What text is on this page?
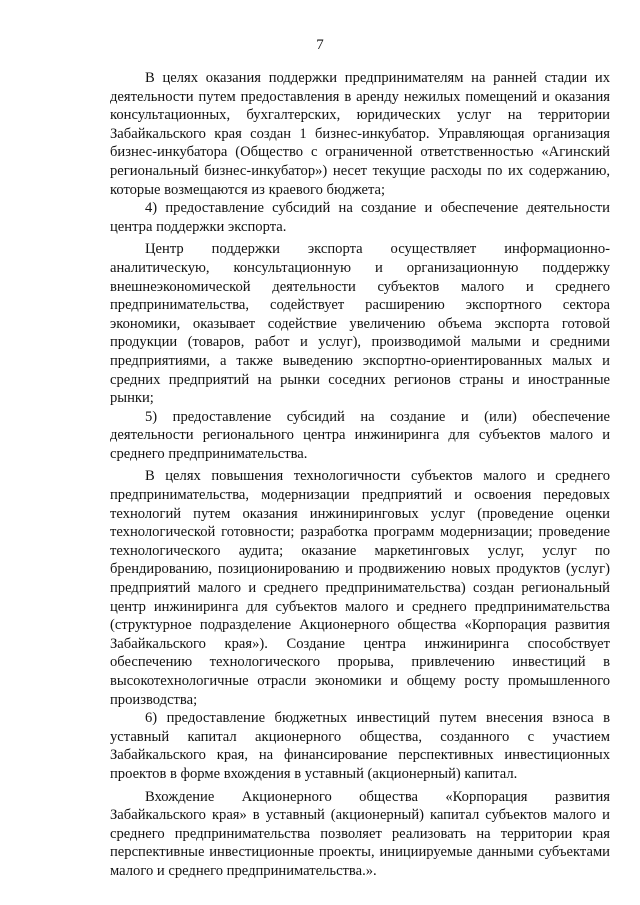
7

В целях оказания поддержки предпринимателям на ранней стадии их деятельности путем предоставления в аренду нежилых помещений и оказания консультационных, бухгалтерских, юридических услуг на территории Забайкальского края создан 1 бизнес-инкубатор. Управляющая организация бизнес-инкубатора (Общество с ограниченной ответственностью «Агинский региональный бизнес-инкубатор») несет текущие расходы по их содержанию, которые возмещаются из краевого бюджета;

4) предоставление субсидий на создание и обеспечение деятельности центра поддержки экспорта.

Центр поддержки экспорта осуществляет информационно-аналитическую, консультационную и организационную поддержку внешнеэкономической деятельности субъектов малого и среднего предпринимательства, содействует расширению экспортного сектора экономики, оказывает содействие увеличению объема экспорта готовой продукции (товаров, работ и услуг), производимой малыми и средними предприятиями, а также выведению экспортно-ориентированных малых и средних предприятий на рынки соседних регионов страны и иностранные рынки;

5) предоставление субсидий на создание и (или) обеспечение деятельности регионального центра инжиниринга для субъектов малого и среднего предпринимательства.

В целях повышения технологичности субъектов малого и среднего предпринимательства, модернизации предприятий и освоения передовых технологий путем оказания инжиниринговых услуг (проведение оценки технологической готовности; разработка программ модернизации; проведение технологического аудита; оказание маркетинговых услуг, услуг по брендированию, позиционированию и продвижению новых продуктов (услуг) предприятий малого и среднего предпринимательства) создан региональный центр инжиниринга для субъектов малого и среднего предпринимательства (структурное подразделение Акционерного общества «Корпорация развития Забайкальского края»). Создание центра инжиниринга способствует обеспечению технологического прорыва, привлечению инвестиций в высокотехнологичные отрасли экономики и общему росту промышленного производства;

6) предоставление бюджетных инвестиций путем внесения взноса в уставный капитал акционерного общества, созданного с участием Забайкальского края, на финансирование перспективных инвестиционных проектов в форме вхождения в уставный (акционерный) капитал.

Вхождение Акционерного общества «Корпорация развития Забайкальского края» в уставный (акционерный) капитал субъектов малого и среднего предпринимательства позволяет реализовать на территории края перспективные инвестиционные проекты, инициируемые данными субъектами малого и среднего предпринимательства.».
